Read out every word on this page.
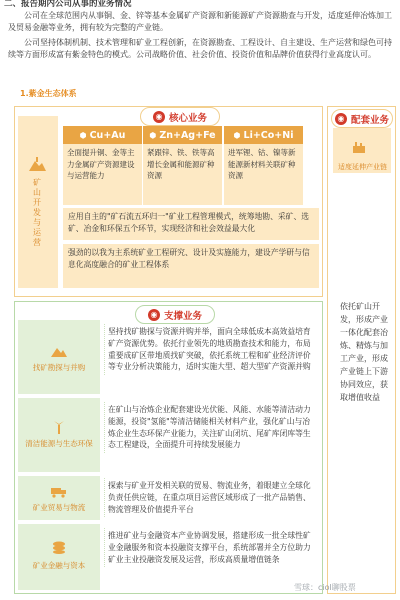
二、报告期内公司从事的业务情况
公司在全球范围内从事铜、金、锌等基本金属矿产资源和新能源矿产资源勘查与开发，适度延伸冶炼加工及贸易金融等业务，拥有较为完整的产业链。
公司坚持体制机制、技术管理和矿业工程创新，在资源勘查、工程设计、自主建设、生产运营和绿色可持续等方面形成富有紫金特色的模式。公司战略价值、社会价值、投资价值和品牌价值获得行业高度认可。
1.紫金生态体系
◉ 核心业务
矿山开发与运营
⬢ Cu+Au
全面提升铜、金等主力金属矿产资源建设与运营能力
⬢ Zn+Ag+Fe
紧跟锌、铁、铁等高增长金属和能源矿种资源
⬢ Li+Co+Ni
进军锂、钴、镍等新能源新材料关联矿种资源
应用自主的"矿石流五环归一"矿业工程管理模式，统筹地勘、采矿、选矿、冶金和环保五个环节，实现经济和社会效益最大化
强劲的以我为主系统矿业工程研究、设计及实施能力，建设产学研与信息化高度融合的矿业工程体系
◉ 配套业务
适度延伸产业链
依托矿山开发，形成产业一体化配套冶炼、精炼与加工产业，形成产业链上下游协同效应，获取增值收益
◉ 支撑业务
找矿勘探与并购
坚持找矿勘探与资源并购并举，面向全球低成本高效益培育矿产资源优势。依托行业领先的地质勘查技术和能力，布局重要成矿区带地质找矿突破，依托系统工程和矿业经济评价等专业分析决策能力，适时实施大型、超大型矿产资源并购
清洁能源与生态环保
在矿山与冶炼企业配套建设光伏能、风能、水能等清洁动力能源，投资"氢能"等清洁储能相关材料产业，强化矿山与冶炼企业生态环保产业能力，关注矿山闭坑、尾矿库闭库等生态工程建设，全面提升可持续发展能力
矿业贸易与物流
探索与矿业开发相关联的贸易、物流业务，着眼建立全球化负责任供应链，在重点项目运营区域形成了一批产品销售、物流管理及价值提升平台
矿业金融与资本
推进矿业与金融资本产业协调发展，搭建形成一批全球性矿业金融服务和资本投融资支撑平台，系统部署并全方位助力矿业主业投融资发展及运营，形成高质量增值链条
雪球：ciol聊股票
